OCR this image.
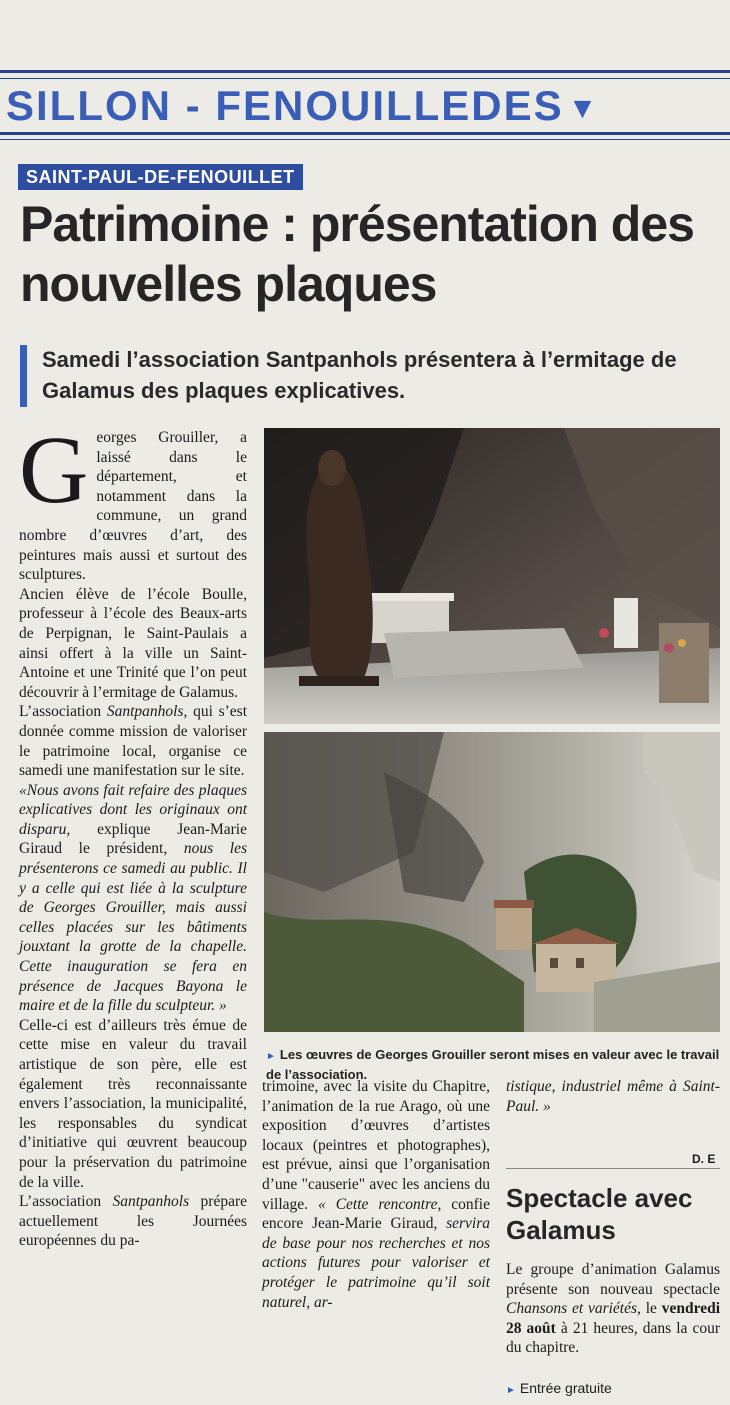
SILLON - FENOUILLEDES ▼
SAINT-PAUL-DE-FENOUILLET
Patrimoine : présentation des nouvelles plaques

Samedi l’association Santpanhols présentera à l’ermitage de Galamus des plaques explicatives.

Georges Grouiller, a laissé dans le département, et notamment dans la commune, un grand nombre d’œuvres d’art, des peintures mais aussi et surtout des sculptures.

Ancien élève de l’école Boulle, professeur à l’école des Beaux-arts de Perpignan, le Saint-Paulais a ainsi offert à la ville un Saint-Antoine et une Trinité que l’on peut découvrir à l’ermitage de Galamus.

L’association Santpanhols, qui s’est donnée comme mission de valoriser le patrimoine local, organise ce samedi une manifestation sur le site.

«Nous avons fait refaire des plaques explicatives dont les originaux ont disparu, explique Jean-Marie Giraud le président, nous les présenterons ce samedi au public. Il y a celle qui est liée à la sculpture de Georges Grouiller, mais aussi celles placées sur les bâtiments jouxtant la grotte de la chapelle. Cette inauguration se fera en présence de Jacques Bayona le maire et de la fille du sculpteur. »

Celle-ci est d’ailleurs très émue de cette mise en valeur du travail artistique de son père, elle est également très reconnaissante envers l’association, la municipalité, les responsables du syndicat d’initiative qui œuvrent beaucoup pour la préservation du patrimoine de la ville.

L’association Santpanhols prépare actuellement les Journées européennes du pa-

► Les œuvres de Georges Grouiller seront mises en valeur avec le travail de l’association.

trimoine, avec la visite du Chapitre, l’animation de la rue Arago, où une exposition d’œuvres d’artistes locaux (peintres et photographes), est prévue, ainsi que l’organisation d’une "causerie" avec les anciens du village. « Cette rencontre, confie encore Jean-Marie Giraud, servira de base pour nos recherches et nos actions futures pour valoriser et protéger le patrimoine qu’il soit naturel, ar-

tistique, industriel même à Saint-Paul. »

D. E
Spectacle avec Galamus

Le groupe d’animation Galamus présente son nouveau spectacle Chansons et variétés, le vendredi 28 août à 21 heures, dans la cour du chapitre.

► Entrée gratuite
